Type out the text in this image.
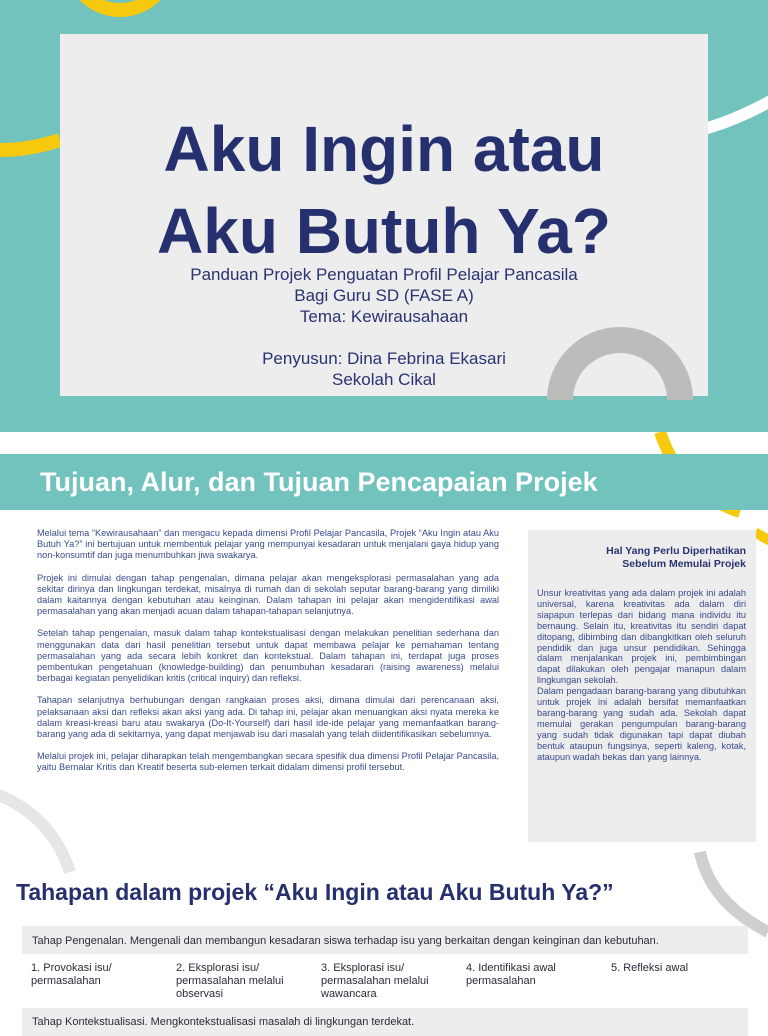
Aku Ingin atau
Aku Butuh Ya?
Panduan Projek Penguatan Profil Pelajar Pancasila
Bagi Guru SD (FASE A)
Tema: Kewirausahaan
Penyusun: Dina Febrina Ekasari
Sekolah Cikal
Tujuan, Alur, dan Tujuan Pencapaian Projek

Melalui tema “Kewirausahaan” dan mengacu kepada dimensi Profil Pelajar Pancasila, Projek “Aku Ingin atau Aku Butuh Ya?” ini bertujuan untuk membentuk pelajar yang mempunyai kesadaran untuk menjalani gaya hidup yang non-konsumtif dan juga menumbuhkan jiwa swakarya.

Projek ini dimulai dengan tahap pengenalan, dimana pelajar akan mengeksplorasi permasalahan yang ada sekitar dirinya dan lingkungan terdekat, misalnya di rumah dan di sekolah seputar barang-barang yang dimiliki dalam kaitannya dengan kebutuhan atau keinginan. Dalam tahapan ini pelajar akan mengidentifikasi awal permasalahan yang akan menjadi acuan dalam tahapan-tahapan selanjutnya.

Setelah tahap pengenalan, masuk dalam tahap kontekstualisasi dengan melakukan penelitian sederhana dan menggunakan data dari hasil penelitian tersebut untuk dapat membawa pelajar ke pemahaman tentang permasalahan yang ada secara lebih konkret dan kontekstual. Dalam tahapan ini, terdapat juga proses pembentukan pengetahuan (knowledge-building) dan penumbuhan kesadaran (raising awareness) melalui berbagai kegiatan penyelidikan kritis (critical inquiry) dan refleksi.

Tahapan selanjutnya berhubungan dengan rangkaian proses aksi, dimana dimulai dari perencanaan aksi, pelaksanaan aksi dan refleksi akan aksi yang ada. Di tahap ini, pelajar akan menuangkan aksi nyata mereka ke dalam kreasi-kreasi baru atau swakarya (Do-It-Yourself) dari hasil ide-ide pelajar yang memanfaatkan barang-barang yang ada di sekitarnya, yang dapat menjawab isu dari masalah yang telah diidentifikasikan sebelumnya.

Melalui projek ini, pelajar diharapkan telah mengembangkan secara spesifik dua dimensi Profil Pelajar Pancasila, yaitu Bernalar Kritis dan Kreatif beserta sub-elemen terkait didalam dimensi profil tersebut.

Hal Yang Perlu Diperhatikan
Sebelum Memulai Projek

Unsur kreativitas yang ada dalam projek ini adalah universal, karena kreativitas ada dalam diri siapapun terlepas dari bidang mana individu itu bernaung. Selain itu, kreativitas itu sendiri dapat ditopang, dibimbing dan dibangkitkan oleh seluruh pendidik dan juga unsur pendidikan. Sehingga dalam menjalankan projek ini, pembimbingan dapat dilakukan oleh pengajar manapun dalam lingkungan sekolah.

Dalam pengadaan barang-barang yang dibutuhkan untuk projek ini adalah bersifat memanfaatkan barang-barang yang sudah ada. Sekolah dapat memulai gerakan pengumpulan barang-barang yang sudah tidak digunakan tapi dapat diubah bentuk ataupun fungsinya, seperti kaleng, kotak, ataupun wadah bekas dan yang lainnya.

Tahapan dalam projek “Aku Ingin atau Aku Butuh Ya?”
Tahap Pengenalan. Mengenali dan membangun kesadaran siswa terhadap isu yang berkaitan dengan keinginan dan kebutuhan.
1. Provokasi isu/ permasalahan
2. Eksplorasi isu/ permasalahan melalui observasi
3. Eksplorasi isu/ permasalahan melalui wawancara
4. Identifikasi awal permasalahan
5. Refleksi awal
Tahap Kontekstualisasi. Mengkontekstualisasi masalah di lingkungan terdekat.
